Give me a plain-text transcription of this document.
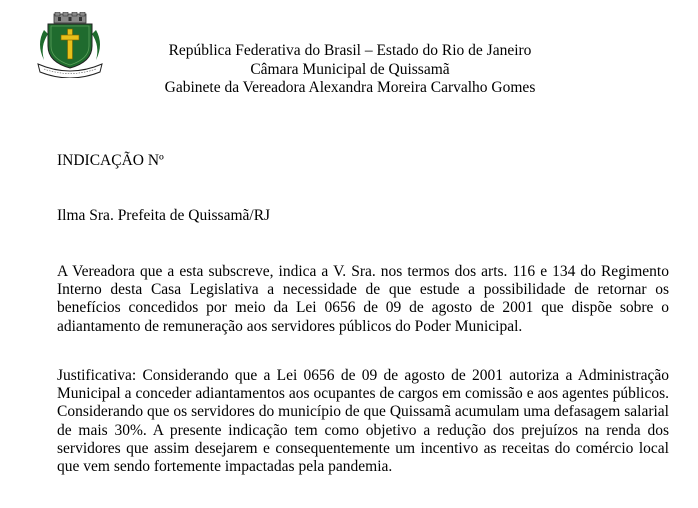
República Federativa do Brasil – Estado do Rio de Janeiro
Câmara Municipal de Quissamã
Gabinete da Vereadora Alexandra Moreira Carvalho Gomes
INDICAÇÃO Nº
Ilma Sra. Prefeita de Quissamã/RJ

A Vereadora que a esta subscreve, indica a V. Sra. nos termos dos arts. 116 e 134 do Regimento Interno desta Casa Legislativa a necessidade de que estude a possibilidade de retornar os benefícios concedidos por meio da Lei 0656 de 09 de agosto de 2001 que dispõe sobre o adiantamento de remuneração aos servidores públicos do Poder Municipal.

Justificativa: Considerando que a Lei 0656 de 09 de agosto de 2001 autoriza a Administração Municipal a conceder adiantamentos aos ocupantes de cargos em comissão e aos agentes públicos. Considerando que os servidores do município de que Quissamã acumulam uma defasagem salarial de mais 30%. A presente indicação tem como objetivo a redução dos prejuízos na renda dos servidores que assim desejarem e consequentemente um incentivo as receitas do comércio local que vem sendo fortemente impactadas pela pandemia.
